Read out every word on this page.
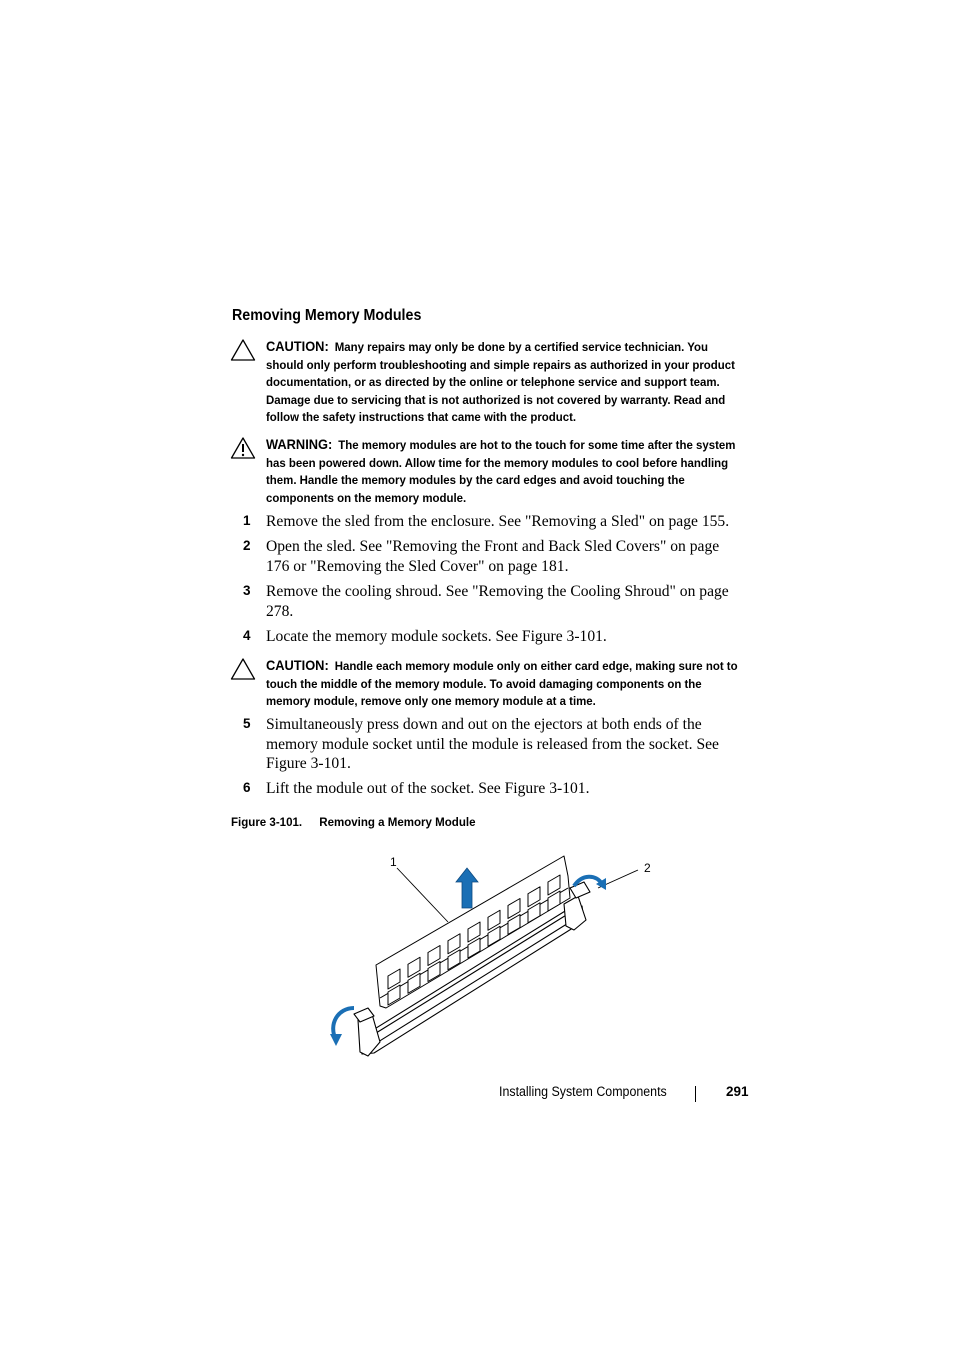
Removing Memory Modules
CAUTION: Many repairs may only be done by a certified service technician. You should only perform troubleshooting and simple repairs as authorized in your product documentation, or as directed by the online or telephone service and support team. Damage due to servicing that is not authorized is not covered by warranty. Read and follow the safety instructions that came with the product.
WARNING: The memory modules are hot to the touch for some time after the system has been powered down. Allow time for the memory modules to cool before handling them. Handle the memory modules by the card edges and avoid touching the components on the memory module.
1 Remove the sled from the enclosure. See "Removing a Sled" on page 155.
2 Open the sled. See "Removing the Front and Back Sled Covers" on page 176 or "Removing the Sled Cover" on page 181.
3 Remove the cooling shroud. See "Removing the Cooling Shroud" on page 278.
4 Locate the memory module sockets. See Figure 3-101.
CAUTION: Handle each memory module only on either card edge, making sure not to touch the middle of the memory module. To avoid damaging components on the memory module, remove only one memory module at a time.
5 Simultaneously press down and out on the ejectors at both ends of the memory module socket until the module is released from the socket. See Figure 3-101.
6 Lift the module out of the socket. See Figure 3-101.
Figure 3-101. Removing a Memory Module
1	2
Installing System Components	291
